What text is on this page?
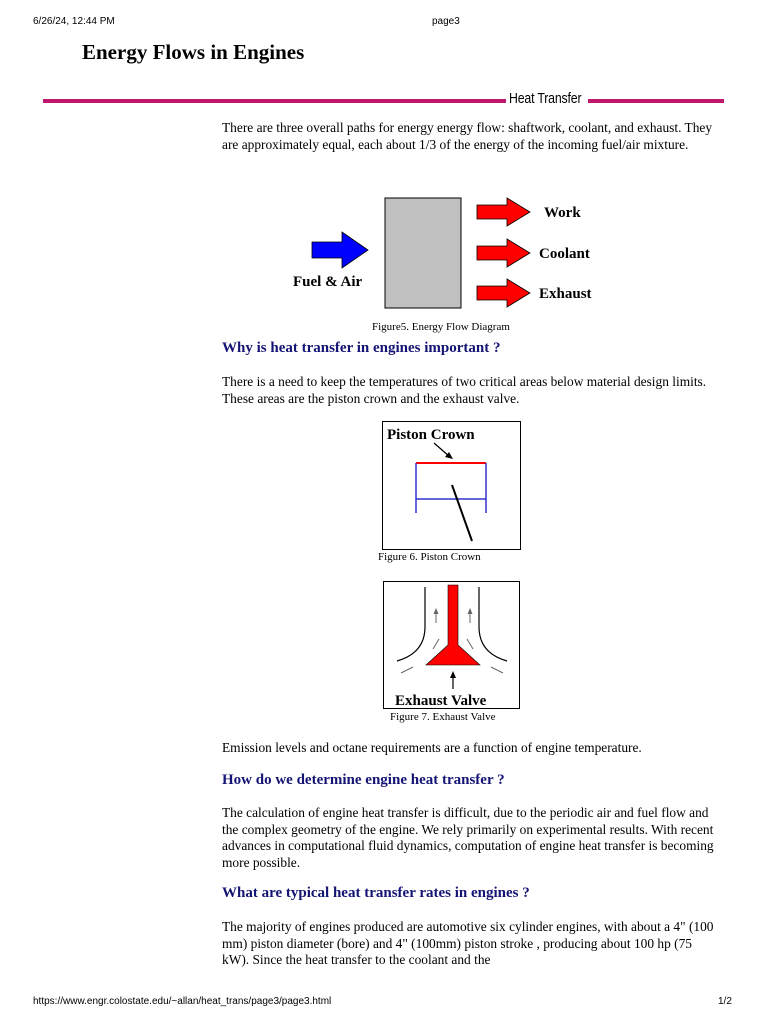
6/26/24, 12:44 PM	page3
Energy Flows in Engines
Heat Transfer

There are three overall paths for energy energy flow: shaftwork, coolant, and exhaust. They are approximately equal, each about 1/3 of the energy of the incoming fuel/air mixture.

Fuel & Air
Work
Coolant
Exhaust
Figure5. Energy Flow Diagram
Why is heat transfer in engines important ?

There is a need to keep the temperatures of two critical areas below material design limits. These areas are the piston crown and the exhaust valve.

Piston Crown
Figure 6. Piston Crown
Exhaust Valve
Figure 7. Exhaust Valve

Emission levels and octane requirements are a function of engine temperature.

How do we determine engine heat transfer ?

The calculation of engine heat transfer is difficult, due to the periodic air and fuel flow and the complex geometry of the engine. We rely primarily on experimental results. With recent advances in computational fluid dynamics, computation of engine heat transfer is becoming more possible.

What are typical heat transfer rates in engines ?

The majority of engines produced are automotive six cylinder engines, with about a 4" (100 mm) piston diameter (bore) and 4" (100mm) piston stroke , producing about 100 hp (75 kW). Since the heat transfer to the coolant and the

https://www.engr.colostate.edu/~allan/heat_trans/page3/page3.html	1/2
